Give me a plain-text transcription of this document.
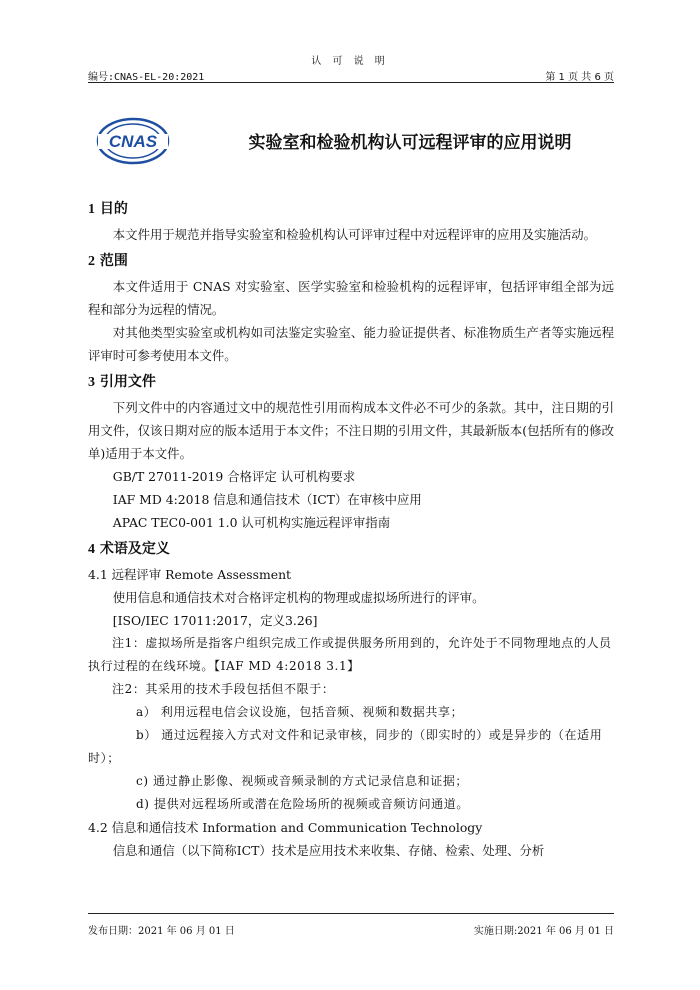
认 可 说 明
编号:CNAS-EL-20:2021	第 1 页 共 6 页
CNAS	实验室和检验机构认可远程评审的应用说明
1 目的
本文件用于规范并指导实验室和检验机构认可评审过程中对远程评审的应用及实施活动。
2 范围
本文件适用于 CNAS 对实验室、医学实验室和检验机构的远程评审，包括评审组全部为远程和部分为远程的情况。
对其他类型实验室或机构如司法鉴定实验室、能力验证提供者、标准物质生产者等实施远程评审时可参考使用本文件。
3 引用文件
下列文件中的内容通过文中的规范性引用而构成本文件必不可少的条款。其中，注日期的引用文件，仅该日期对应的版本适用于本文件；不注日期的引用文件，其最新版本(包括所有的修改单)适用于本文件。
GB/T 27011-2019 合格评定 认可机构要求
IAF MD 4:2018 信息和通信技术（ICT）在审核中应用
APAC TEC0-001 1.0 认可机构实施远程评审指南
4 术语及定义
4.1 远程评审 Remote Assessment
使用信息和通信技术对合格评定机构的物理或虚拟场所进行的评审。
[ISO/IEC 17011:2017，定义3.26]
注1：虚拟场所是指客户组织完成工作或提供服务所用到的，允许处于不同物理地点的人员执行过程的在线环境。【IAF MD 4:2018 3.1】
注2：其采用的技术手段包括但不限于：
a） 利用远程电信会议设施，包括音频、视频和数据共享；
b） 通过远程接入方式对文件和记录审核，同步的（即实时的）或是异步的（在适用时）；
c) 通过静止影像、视频或音频录制的方式记录信息和证据；
d) 提供对远程场所或潜在危险场所的视频或音频访问通道。
4.2 信息和通信技术 Information and Communication Technology
信息和通信（以下简称ICT）技术是应用技术来收集、存储、检索、处理、分析
发布日期：2021 年 06 月 01 日	实施日期:2021 年 06 月 01 日
